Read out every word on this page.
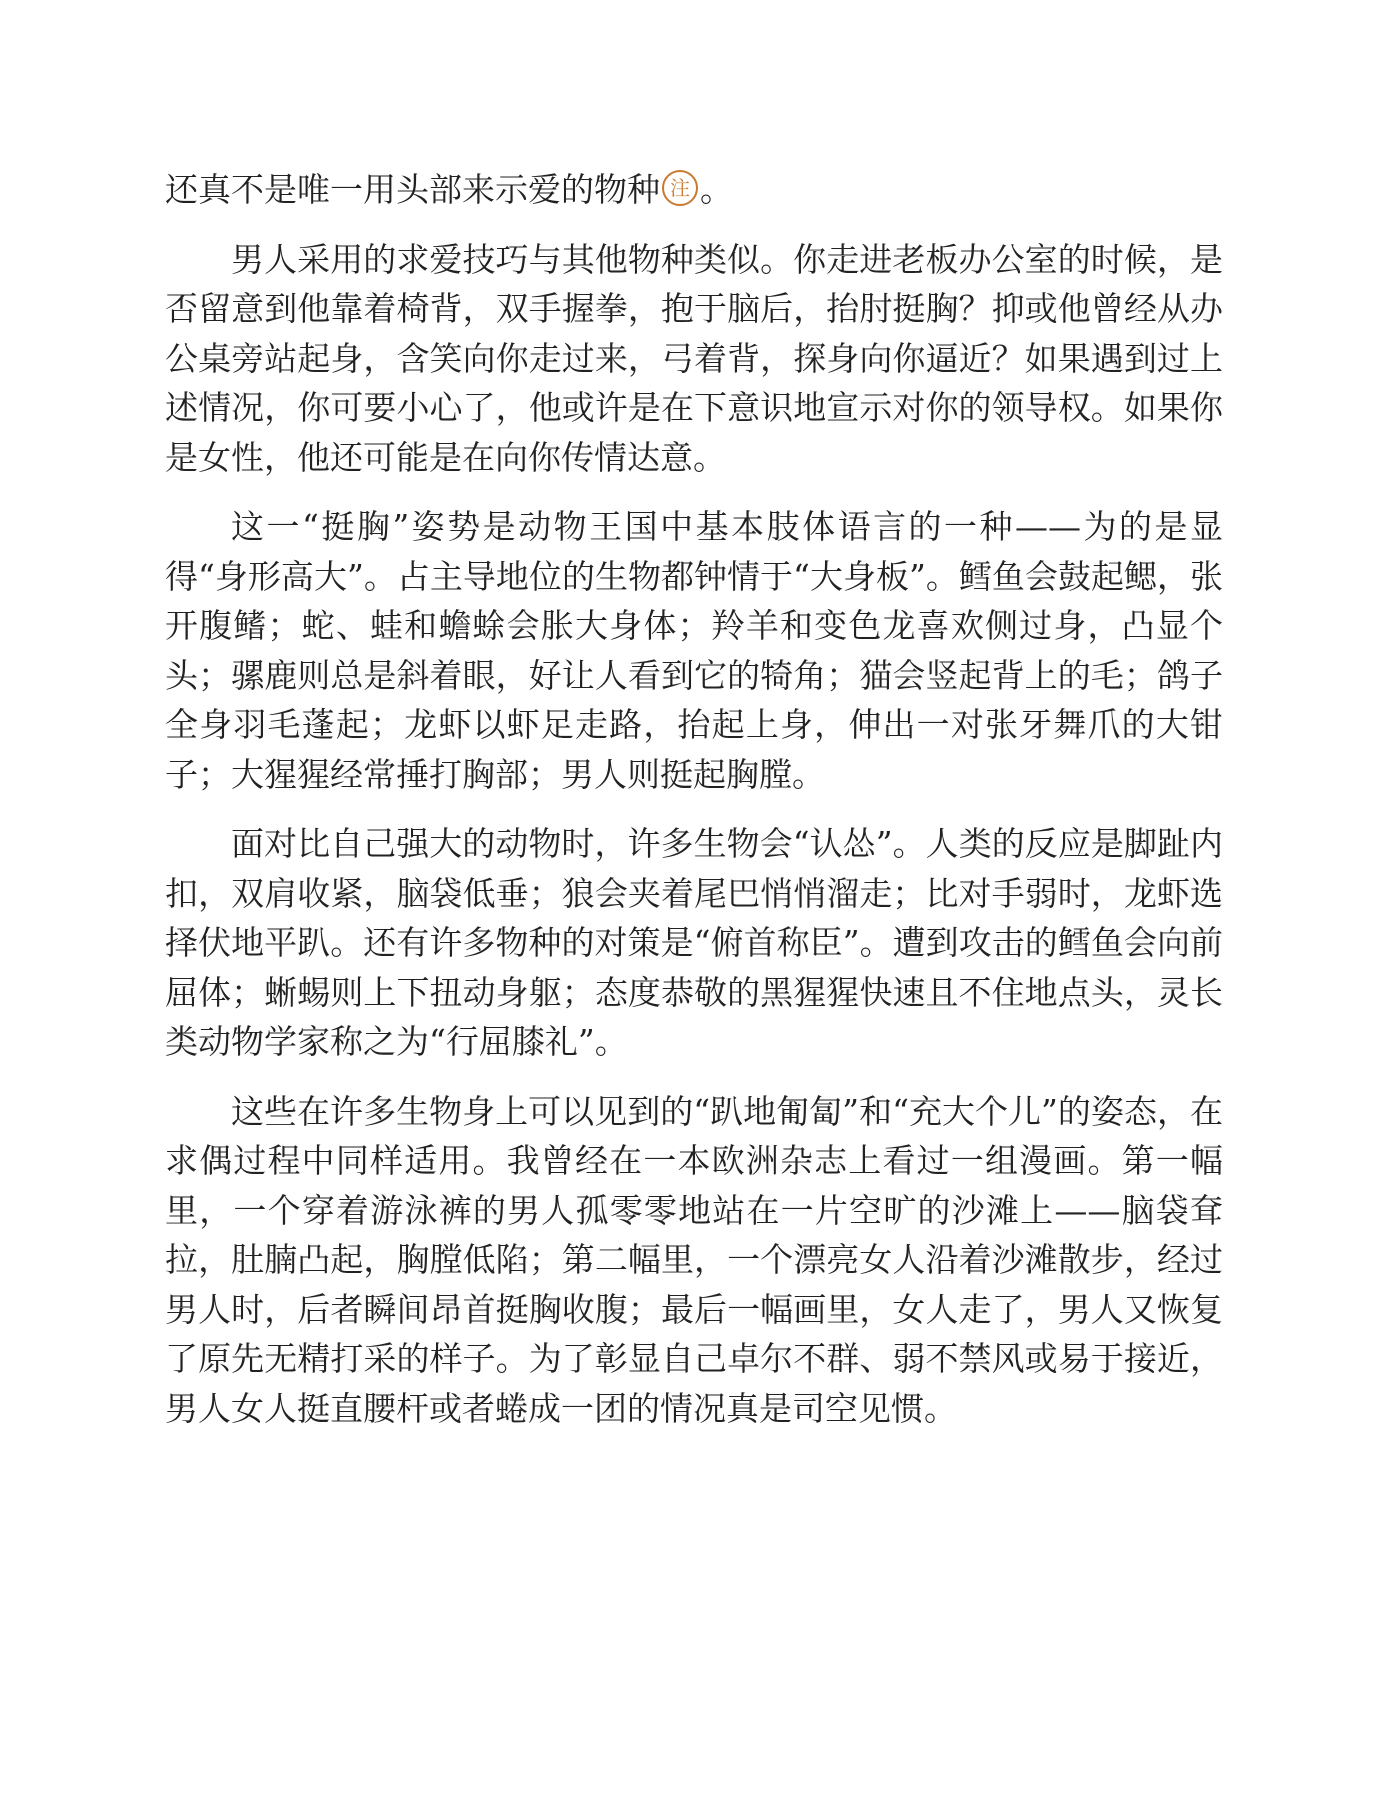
还真不是唯一用头部来示爱的物种 注 。

男人采用的求爱技巧与其他物种类似。你走进老板办公室的时候，是否留意到他靠着椅背，双手握拳，抱于脑后，抬肘挺胸？抑或他曾经从办公桌旁站起身，含笑向你走过来，弓着背，探身向你逼近？如果遇到过上述情况，你可要小心了，他或许是在下意识地宣示对你的领导权。如果你是女性，他还可能是在向你传情达意。

这一“挺胸”姿势是动物王国中基本肢体语言的一种——为的是显得“身形高大”。占主导地位的生物都钟情于“大身板”。鳕鱼会鼓起鳃，张开腹鳍；蛇、蛙和蟾蜍会胀大身体；羚羊和变色龙喜欢侧过身，凸显个头；骡鹿则总是斜着眼，好让人看到它的犄角；猫会竖起背上的毛；鸽子全身羽毛蓬起；龙虾以虾足走路，抬起上身，伸出一对张牙舞爪的大钳子；大猩猩经常捶打胸部；男人则挺起胸膛。

面对比自己强大的动物时，许多生物会“认怂”。人类的反应是脚趾内扣，双肩收紧，脑袋低垂；狼会夹着尾巴悄悄溜走；比对手弱时，龙虾选择伏地平趴。还有许多物种的对策是“俯首称臣”。遭到攻击的鳕鱼会向前屈体；蜥蜴则上下扭动身躯；态度恭敬的黑猩猩快速且不住地点头，灵长类动物学家称之为“行屈膝礼”。

这些在许多生物身上可以见到的“趴地匍匐”和“充大个儿”的姿态，在求偶过程中同样适用。我曾经在一本欧洲杂志上看过一组漫画。第一幅里，一个穿着游泳裤的男人孤零零地站在一片空旷的沙滩上——脑袋耷拉，肚腩凸起，胸膛低陷；第二幅里，一个漂亮女人沿着沙滩散步，经过男人时，后者瞬间昂首挺胸收腹；最后一幅画里，女人走了，男人又恢复了原先无精打采的样子。为了彰显自己卓尔不群、弱不禁风或易于接近，男人女人挺直腰杆或者蜷成一团的情况真是司空见惯。
